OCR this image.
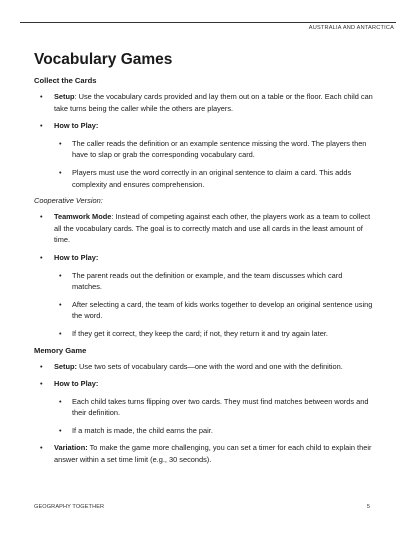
AUSTRALIA AND ANTARCTICA
Vocabulary Games
Collect the Cards
• Setup: Use the vocabulary cards provided and lay them out on a table or the floor. Each child can take turns being the caller while the others are players.
• How to Play:
• The caller reads the definition or an example sentence missing the word. The players then have to slap or grab the corresponding vocabulary card.
• Players must use the word correctly in an original sentence to claim a card. This adds complexity and ensures comprehension.
Cooperative Version:
• Teamwork Mode: Instead of competing against each other, the players work as a team to collect all the vocabulary cards. The goal is to correctly match and use all cards in the least amount of time.
• How to Play:
• The parent reads out the definition or example, and the team discusses which card matches.
• After selecting a card, the team of kids works together to develop an original sentence using the word.
• If they get it correct, they keep the card; if not, they return it and try again later.
Memory Game
• Setup: Use two sets of vocabulary cards—one with the word and one with the definition.
• How to Play:
• Each child takes turns flipping over two cards. They must find matches between words and their definition.
• If a match is made, the child earns the pair.
• Variation: To make the game more challenging, you can set a timer for each child to explain their answer within a set time limit (e.g., 30 seconds).
GEOGRAPHY TOGETHER	5
